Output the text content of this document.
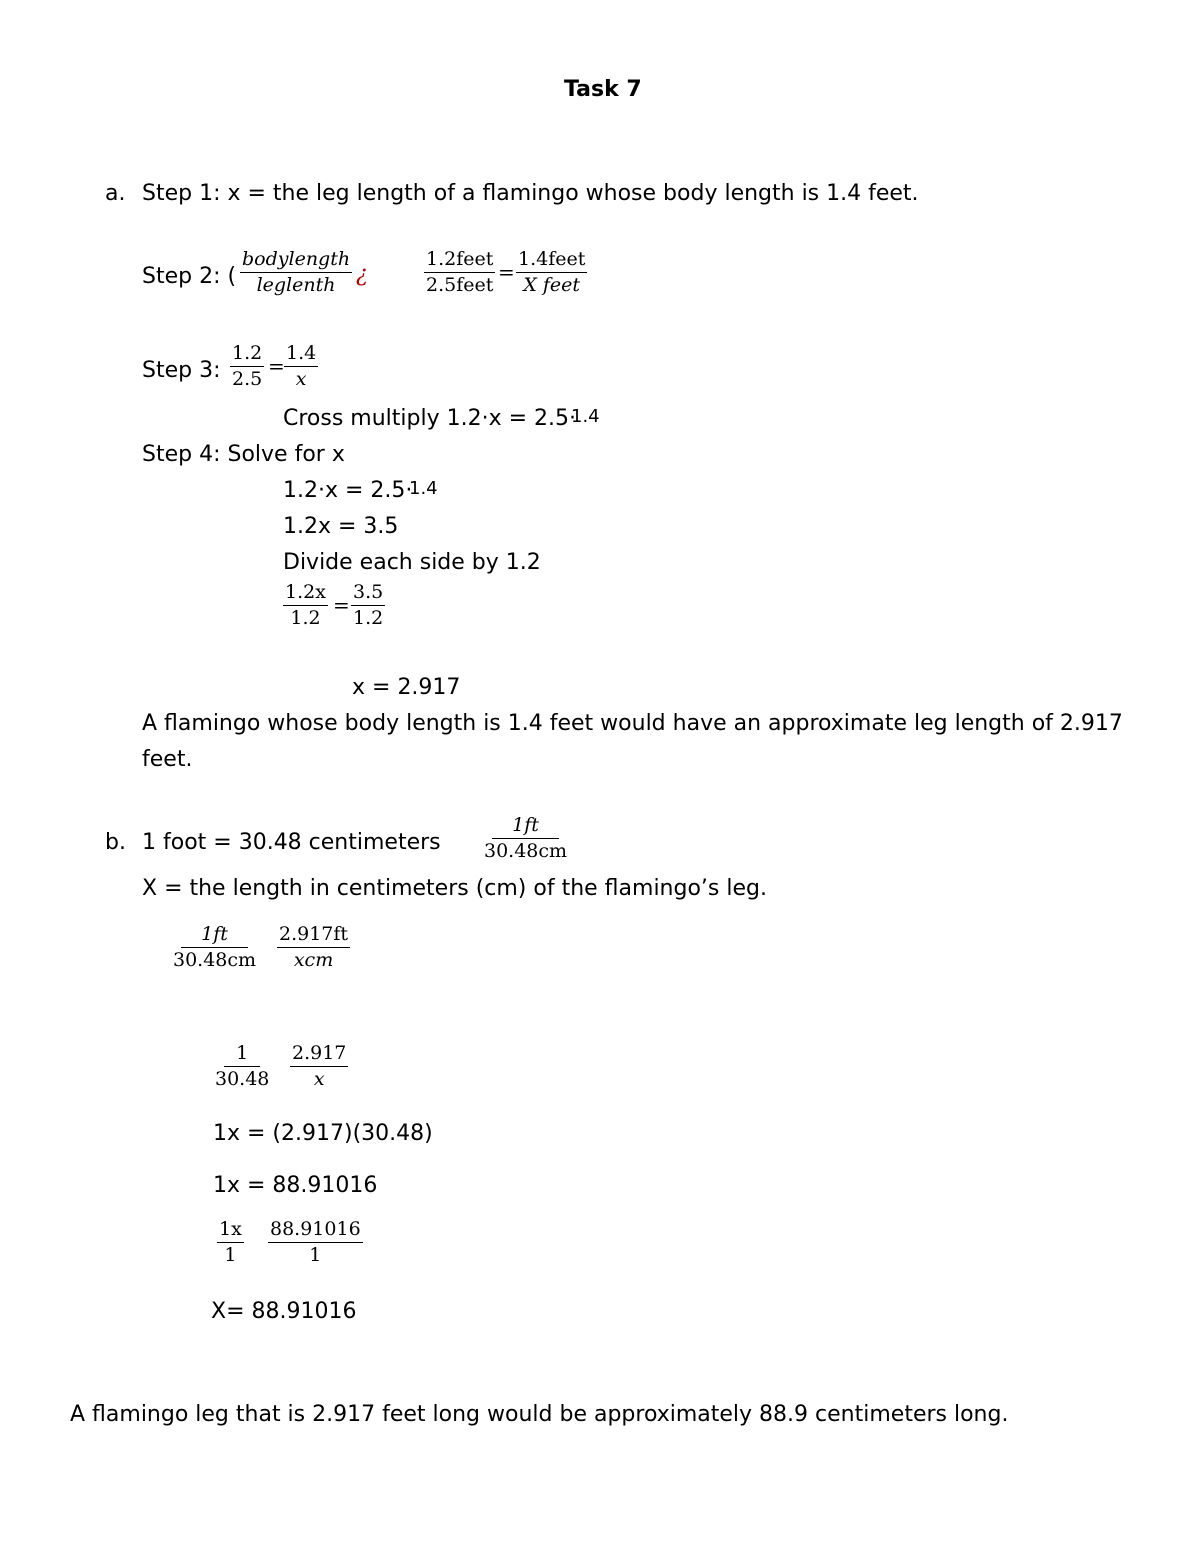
Task 7
a. Step 1: x = the leg length of a flamingo whose body length is 1.4 feet.
Step 2: (
bodylength
leglenth ¿
1.2feet
2.5feet
=
1.4feet
X feet
Step 3: $\frac{1.2}{2.5} = \frac{1.4}{x}$
Cross multiply 1.2·x = 2.5·
1.4
Step 4: Solve for x
1.2·x = 2.5·
1.4
1.2x = 3.5
Divide each side by 1.2
$\frac{1.2x}{1.2} = \frac{3.5}{1.2}$
x = 2.917
A flamingo whose body length is 1.4 feet would have an approximate leg length of 2.917
feet.
b. 1 foot = 30.48 centimeters $\frac{1ft}{30.48cm}$
X = the length in centimeters (cm) of the flamingo’s leg.
$\frac{1ft}{30.48cm} 2.917ft$
xcm
$\frac{1}{30.48} \frac{2.917}{x}$
1x = (2.917)(30.48)
1x = 88.91016
$\frac{1x}{1} \frac{88.91016}{1}$
X= 88.91016
A flamingo leg that is 2.917 feet long would be approximately 88.9 centimeters long.
